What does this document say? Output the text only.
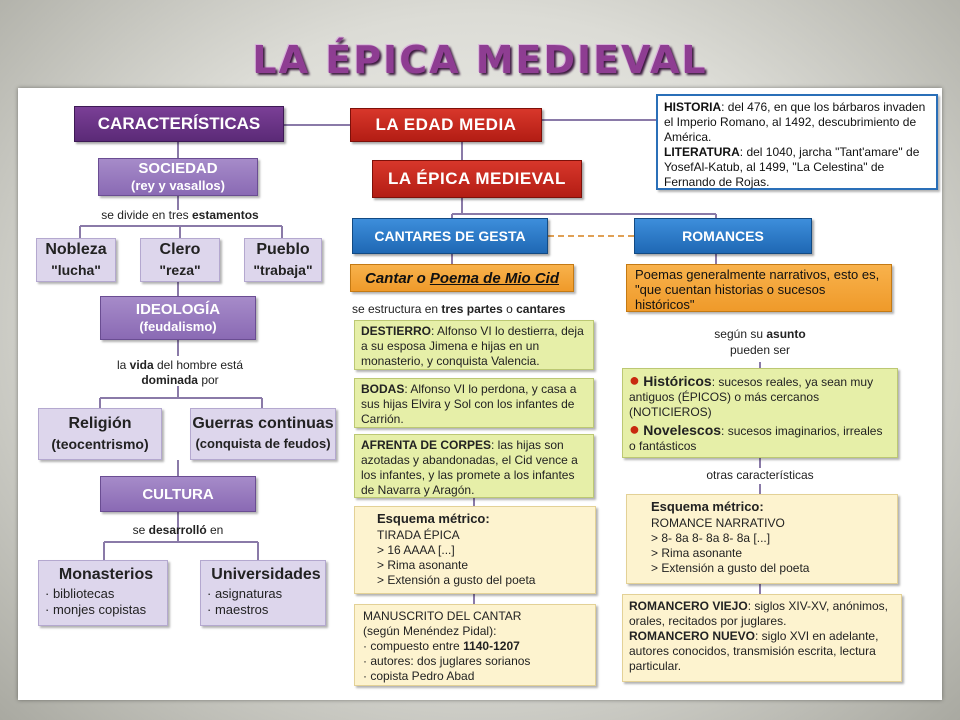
LA ÉPICA MEDIEVAL
CARACTERÍSTICAS
SOCIEDAD
(rey y vasallos)
se divide en tres estamentos
Nobleza
"lucha"
Clero
"reza"
Pueblo
"trabaja"
IDEOLOGÍA
(feudalismo)
la vida del hombre está
dominada por
Religión
(teocentrismo)
Guerras continuas
(conquista de feudos)
CULTURA
se desarrolló en
Monasterios
· bibliotecas
· monjes copistas
Universidades
· asignaturas
· maestros
LA EDAD MEDIA
LA ÉPICA MEDIEVAL
CANTARES DE GESTA
Cantar o Poema de Mio Cid
se estructura en tres partes o cantares
DESTIERRO: Alfonso VI lo destierra, deja a su esposa Jimena e hijas en un monasterio, y conquista Valencia.
BODAS: Alfonso VI lo perdona, y casa a sus hijas Elvira y Sol con los infantes de Carrión.
AFRENTA DE CORPES: las hijas son azotadas y abandonadas, el Cid vence a los infantes, y las promete a los infantes de Navarra y Aragón.
Esquema métrico:
TIRADA ÉPICA
> 16 AAAA [...]
> Rima asonante
> Extensión a gusto del poeta
MANUSCRITO DEL CANTAR
(según Menéndez Pidal):
· compuesto entre 1140-1207
· autores: dos juglares sorianos
· copista Pedro Abad
HISTORIA: del 476, en que los bárbaros invaden el Imperio Romano, al 1492, descubrimiento de América.
LITERATURA: del 1040, jarcha "Tant'amare" de YosefAl-Katub, al 1499, "La Celestina" de Fernando de Rojas.
ROMANCES
Poemas generalmente narrativos, esto es, "que cuentan historias o sucesos históricos"
según su asunto
pueden ser
● Históricos: sucesos reales, ya sean muy antiguos (ÉPICOS) o más cercanos (NOTICIEROS)
● Novelescos: sucesos imaginarios, irreales o fantásticos
otras características
Esquema métrico:
ROMANCE NARRATIVO
> 8- 8a 8- 8a 8- 8a [...]
> Rima asonante
> Extensión a gusto del poeta
ROMANCERO VIEJO: siglos XIV-XV, anónimos, orales, recitados por juglares.
ROMANCERO NUEVO: siglo XVI en adelante, autores conocidos, transmisión escrita, lectura particular.
